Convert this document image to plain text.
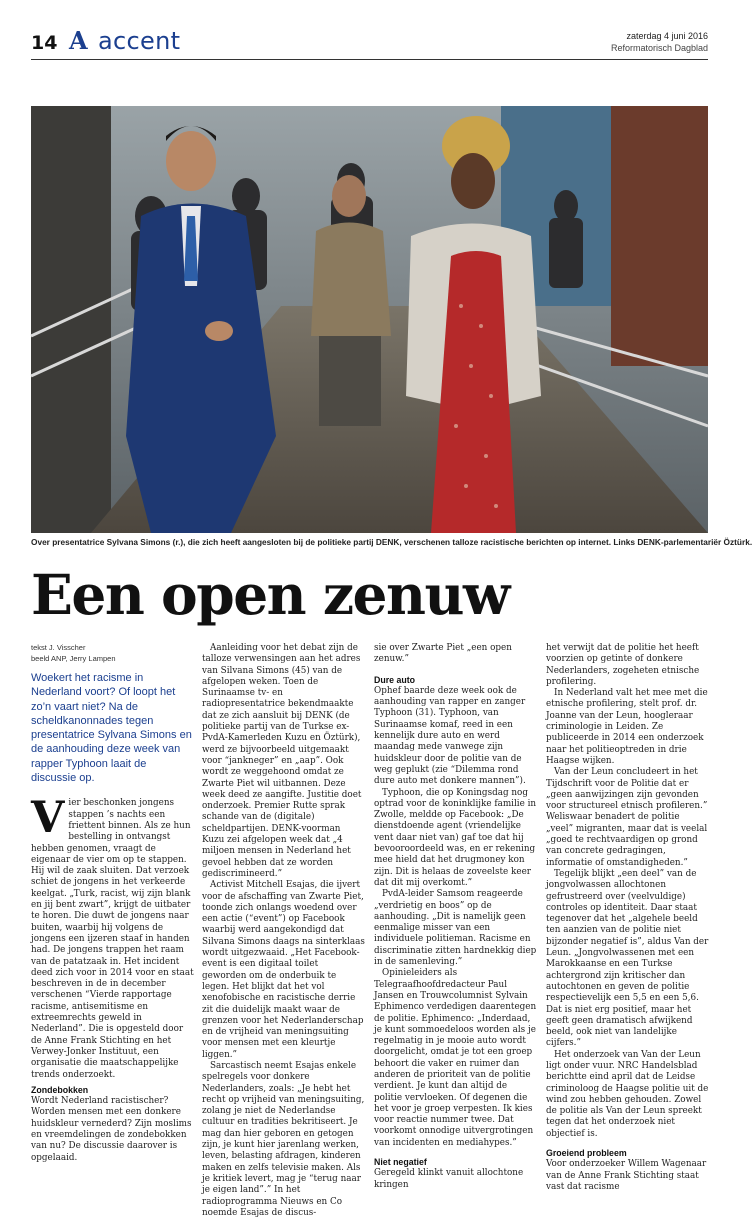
14 A accent	zaterdag 4 juni 2016
Reformatorisch Dagblad
Over presentatrice Sylvana Simons (r.), die zich heeft aangesloten bij de politieke partij DENK, verschenen talloze racistische berichten op internet. Links DENK-parlementariër Öztürk.
Een open zenuw
tekst J. Visscher
beeld ANP, Jerry Lampen
Woekert het racisme in Nederland voort? Of loopt het zo’n vaart niet? Na de scheldkanonnades tegen presentatrice Sylvana Simons en de aanhouding deze week van rapper Typhoon laait de discussie op.

Vier beschonken jongens stappen ’s nachts een friettent binnen. Als ze hun bestelling in ontvangst hebben genomen, vraagt de eigenaar de vier om op te stappen. Hij wil de zaak sluiten. Dat verzoek schiet de jongens in het verkeerde keelgat. „Turk, racist, wij zijn blank en jij bent zwart”, krijgt de uitbater te horen. Die duwt de jongens naar buiten, waarbij hij volgens de jongens een ijzeren staaf in handen had. De jongens trappen het raam van de patatzaak in. Het incident deed zich voor in 2014 voor en staat beschreven in de in december verschenen “Vierde rapportage racisme, antisemitisme en extreemrechts geweld in Nederland”. Die is opgesteld door de Anne Frank Stichting en het Verwey-Jonker Instituut, een organisatie die maatschappelijke trends onderzoekt.

Zondebokken

Wordt Nederland racistischer? Worden mensen met een donkere huidskleur vernederd? Zijn moslims en vreemdelingen de zondebokken van nu? De discussie daarover is opgelaaid.

Aanleiding voor het debat zijn de talloze verwensingen aan het adres van Silvana Simons (45) van de afgelopen weken. Toen de Surinaamse tv- en radiopresentatrice bekendmaakte dat ze zich aansluit bij DENK (de politieke partij van de Turkse ex-PvdA-Kamerleden Kuzu en Öztürk), werd ze bijvoorbeeld uitgemaakt voor “jankneger” en „aap”. Ook wordt ze weggehoond omdat ze Zwarte Piet wil uitbannen. Deze week deed ze aangifte. Justitie doet onderzoek. Premier Rutte sprak schande van de (digitale) scheldpartijen. DENK-voorman Kuzu zei afgelopen week dat „4 miljoen mensen in Nederland het gevoel hebben dat ze worden gediscrimineerd.”

Activist Mitchell Esajas, die ijvert voor de afschaffing van Zwarte Piet, toonde zich onlangs woedend over een actie (“event”) op Facebook waarbij werd aangekondigd dat Silvana Simons daags na sinterklaas wordt uitgezwaaid. „Het Facebook-event is een digitaal toilet geworden om de onderbuik te legen. Het blijkt dat het vol xenofobische en racistische derrie zit die duidelijk maakt waar de grenzen voor het Nederlanderschap en de vrijheid van meningsuiting voor mensen met een kleurtje liggen.”

Sarcastisch neemt Esajas enkele spelregels voor donkere Nederlanders, zoals: „Je hebt het recht op vrijheid van meningsuiting, zolang je niet de Nederlandse cultuur en tradities bekritiseert. Je mag dan hier geboren en getogen zijn, je kunt hier jarenlang werken, leven, belasting afdragen, kinderen maken en zelfs televisie maken. Als je kritiek levert, mag je “terug naar je eigen land”.” In het radioprogramma Nieuws en Co noemde Esajas de discus-

sie over Zwarte Piet „een open zenuw.”

Dure auto

Ophef baarde deze week ook de aanhouding van rapper en zanger Typhoon (31). Typhoon, van Surinaamse komaf, reed in een kennelijk dure auto en werd maandag mede vanwege zijn huidskleur door de politie van de weg geplukt (zie “Dilemma rond dure auto met donkere mannen”).

Typhoon, die op Koningsdag nog optrad voor de koninklijke familie in Zwolle, meldde op Facebook: „De dienstdoende agent (vriendelijke vent daar niet van) gaf toe dat hij bevooroordeeld was, en er rekening mee hield dat het drugmoney kon zijn. Dit is helaas de zoveelste keer dat dit mij overkomt.”

PvdA-leider Samsom reageerde „verdrietig en boos” op de aanhouding. „Dit is namelijk geen eenmalige misser van een individuele politieman. Racisme en discriminatie zitten hardnekkig diep in de samenleving.”

Opinieleiders als Telegraafhoofdredacteur Paul Jansen en Trouwcolumnist Sylvain Ephimenco verdedigen daarentegen de politie. Ephimenco: „Inderdaad, je kunt sommoedeloos worden als je regelmatig in je mooie auto wordt doorgelicht, omdat je tot een groep behoort die vaker en ruimer dan anderen de prioriteit van de politie verdient. Je kunt dan altijd de politie vervloeken. Of degenen die het voor je groep verpesten. Ik kies voor reactie nummer twee. Dat voorkomt onnodige uitvergrotingen van incidenten en mediahypes.”

Niet negatief

Geregeld klinkt vanuit allochtone kringen

het verwijt dat de politie het heeft voorzien op getinte of donkere Nederlanders, zogeheten etnische profilering.

In Nederland valt het mee met die etnische profilering, stelt prof. dr. Joanne van der Leun, hoogleraar criminologie in Leiden. Ze publiceerde in 2014 een onderzoek naar het politieoptreden in drie Haagse wijken.

Van der Leun concludeert in het Tijdschrift voor de Politie dat er „geen aanwijzingen zijn gevonden voor structureel etnisch profileren.” Weliswaar benadert de politie „veel” migranten, maar dat is veelal „goed te rechtvaardigen op grond van concrete gedragingen, informatie of omstandigheden.”

Tegelijk blijkt „een deel” van de jongvolwassen allochtonen gefrustreerd over (veelvuldige) controles op identiteit. Daar staat tegenover dat het „algehele beeld ten aanzien van de politie niet bijzonder negatief is”, aldus Van der Leun. „Jongvolwassenen met een Marokkaanse en een Turkse achtergrond zijn kritischer dan autochtonen en geven de politie respectievelijk een 5,5 en een 5,6. Dat is niet erg positief, maar het geeft geen dramatisch afwijkend beeld, ook niet van landelijke cijfers.”

Het onderzoek van Van der Leun ligt onder vuur. NRC Handelsblad berichtte eind april dat de Leidse criminoloog de Haagse politie uit de wind zou hebben gehouden. Zowel de politie als Van der Leun spreekt tegen dat het onderzoek niet objectief is.

Groeiend probleem

Voor onderzoeker Willem Wagenaar van de Anne Frank Stichting staat vast dat racisme
